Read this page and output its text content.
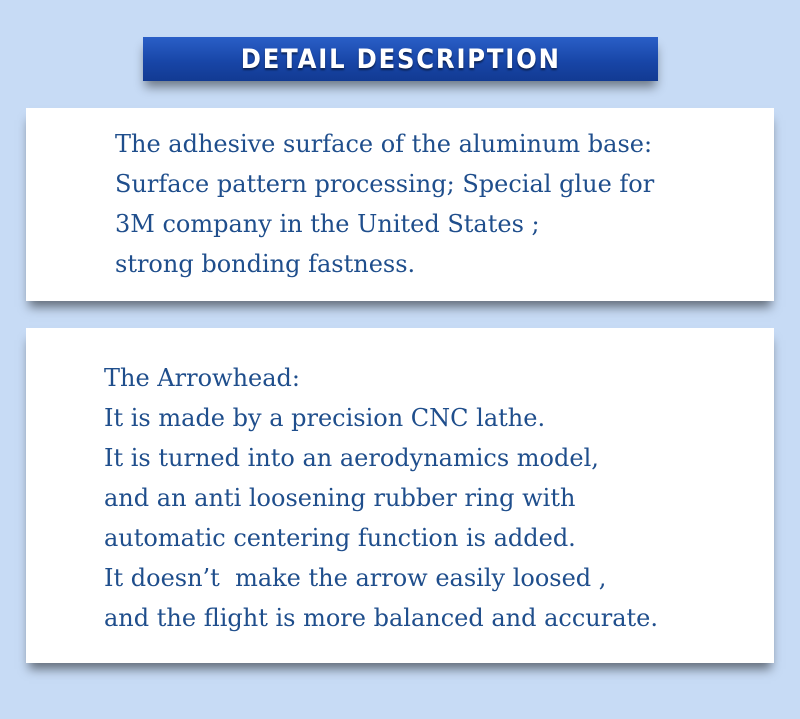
DETAIL DESCRIPTION
The adhesive surface of the aluminum base:
Surface pattern processing; Special glue for
3M company in the United States ;
strong bonding fastness.
The Arrowhead:
It is made by a precision CNC lathe.
It is turned into an aerodynamics model,
and an anti loosening rubber ring with
automatic centering function is added.
It doesn’t  make the arrow easily loosed ,
and the flight is more balanced and accurate.
